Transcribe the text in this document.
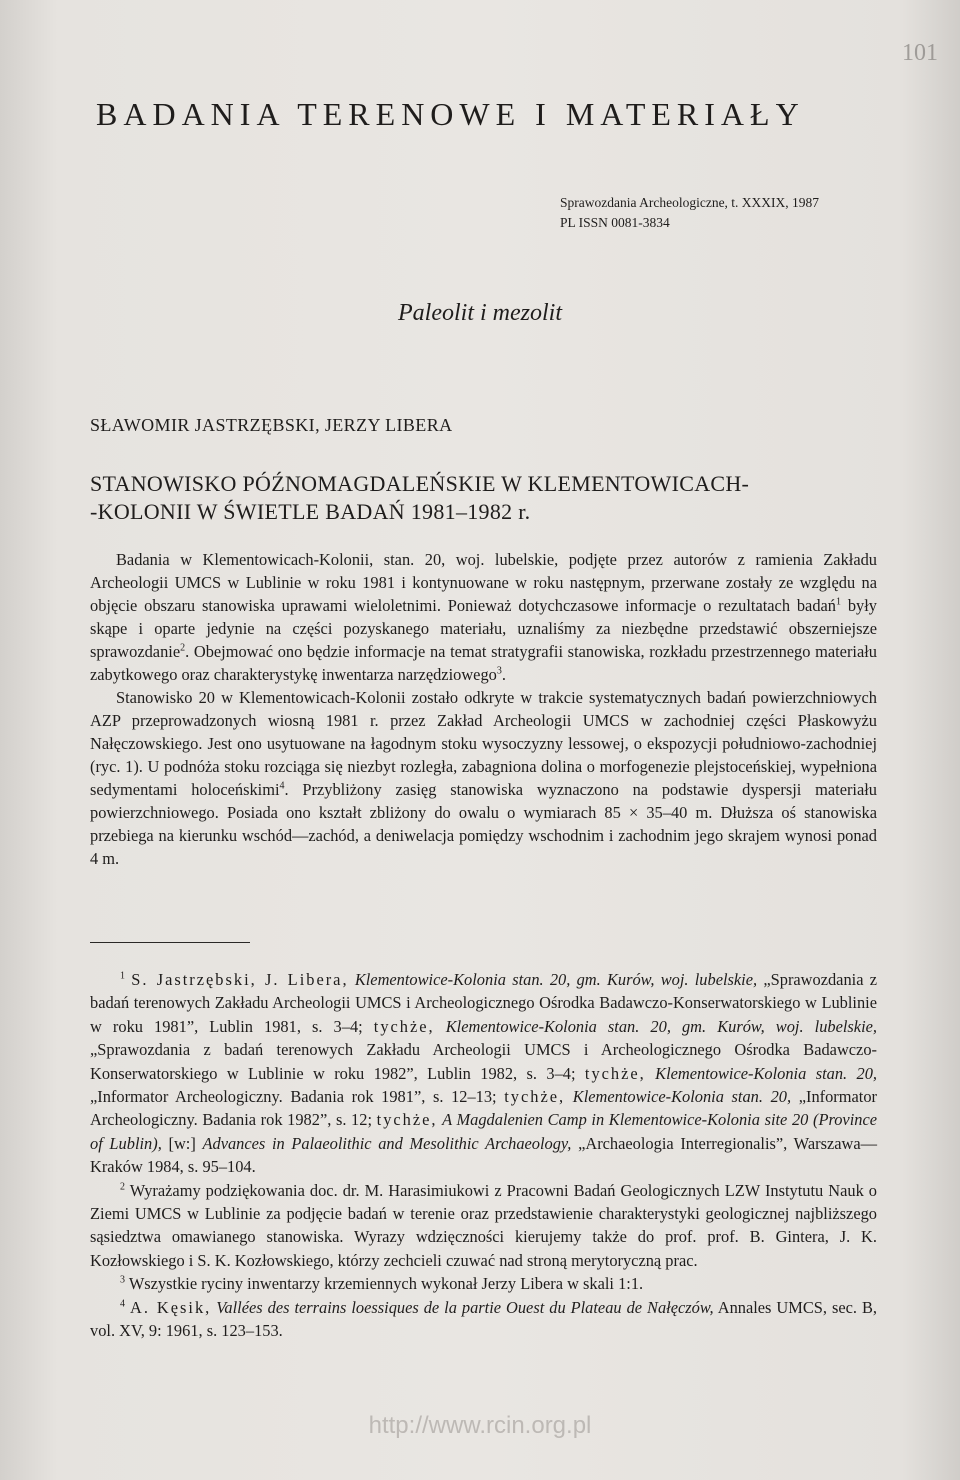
101
BADANIA TERENOWE I MATERIAŁY
Sprawozdania Archeologiczne, t. XXXIX, 1987
PL ISSN 0081-3834
Paleolit i mezolit
SŁAWOMIR JASTRZĘBSKI, JERZY LIBERA
STANOWISKO PÓŹNOMAGDALEŃSKIE W KLEMENTOWICACH-
-KOLONII W ŚWIETLE BADAŃ 1981–1982 r.

Badania w Klementowicach-Kolonii, stan. 20, woj. lubelskie, podjęte przez autorów z ramienia Zakładu Archeologii UMCS w Lublinie w roku 1981 i kontynuowane w roku następnym, przerwane zostały ze względu na objęcie obszaru stanowiska uprawami wieloletnimi. Ponieważ dotychczasowe informacje o rezultatach badań$^1$ były skąpe i oparte jedynie na części pozyskanego materiału, uznaliśmy za niezbędne przedstawić obszerniejsze sprawozdanie$^2$. Obejmować ono będzie informacje na temat stratygrafii stanowiska, rozkładu przestrzennego materiału zabytkowego oraz charakterystykę inwentarza narzędziowego$^3$.

Stanowisko 20 w Klementowicach-Kolonii zostało odkryte w trakcie systematycznych badań powierzchniowych AZP przeprowadzonych wiosną 1981 r. przez Zakład Archeologii UMCS w zachodniej części Płaskowyżu Nałęczowskiego. Jest ono usytuowane na łagodnym stoku wysoczyzny lessowej, o ekspozycji południowo-zachodniej (ryc. 1). U podnóża stoku rozciąga się niezbyt rozległa, zabagniona dolina o morfogenezie plejstoceńskiej, wypełniona sedymentami holoceńskimi$^4$. Przybliżony zasięg stanowiska wyznaczono na podstawie dyspersji materiału powierzchniowego. Posiada ono kształt zbliżony do owalu o wymiarach 85 × 35–40 m. Dłuższa oś stanowiska przebiega na kierunku wschód—zachód, a deniwelacja pomiędzy wschodnim i zachodnim jego skrajem wynosi ponad 4 m.

$^1$ S. Jastrzębski, J. Libera, Klementowice-Kolonia stan. 20, gm. Kurów, woj. lubelskie, „Sprawozdania z badań terenowych Zakładu Archeologii UMCS i Archeologicznego Ośrodka Badawczo-Konserwatorskiego w Lublinie w roku 1981”, Lublin 1981, s. 3–4; tychże, Klementowice-Kolonia stan. 20, gm. Kurów, woj. lubelskie, „Sprawozdania z badań terenowych Zakładu Archeologii UMCS i Archeologicznego Ośrodka Badawczo-Konserwatorskiego w Lublinie w roku 1982”, Lublin 1982, s. 3–4; tychże, Klementowice-Kolonia stan. 20, „Informator Archeologiczny. Badania rok 1981”, s. 12–13; tychże, Klementowice-Kolonia stan. 20, „Informator Archeologiczny. Badania rok 1982”, s. 12; tychże, A Magdalenien Camp in Klementowice-Kolonia site 20 (Province of Lublin), [w:] Advances in Palaeolithic and Mesolithic Archaeology, „Archaeologia Interregionalis”, Warszawa—Kraków 1984, s. 95–104.

$^2$ Wyrażamy podziękowania doc. dr. M. Harasimiukowi z Pracowni Badań Geologicznych LZW Instytutu Nauk o Ziemi UMCS w Lublinie za podjęcie badań w terenie oraz przedstawienie charakterystyki geologicznej najbliższego sąsiedztwa omawianego stanowiska. Wyrazy wdzięczności kierujemy także do prof. prof. B. Gintera, J. K. Kozłowskiego i S. K. Kozłowskiego, którzy zechcieli czuwać nad stroną merytoryczną prac.

$^3$ Wszystkie ryciny inwentarzy krzemiennych wykonał Jerzy Libera w skali 1:1.

$^4$ A. Kęsik, Vallées des terrains loessiques de la partie Ouest du Plateau de Nałęczów, Annales UMCS, sec. B, vol. XV, 9: 1961, s. 123–153.

http://www.rcin.org.pl
